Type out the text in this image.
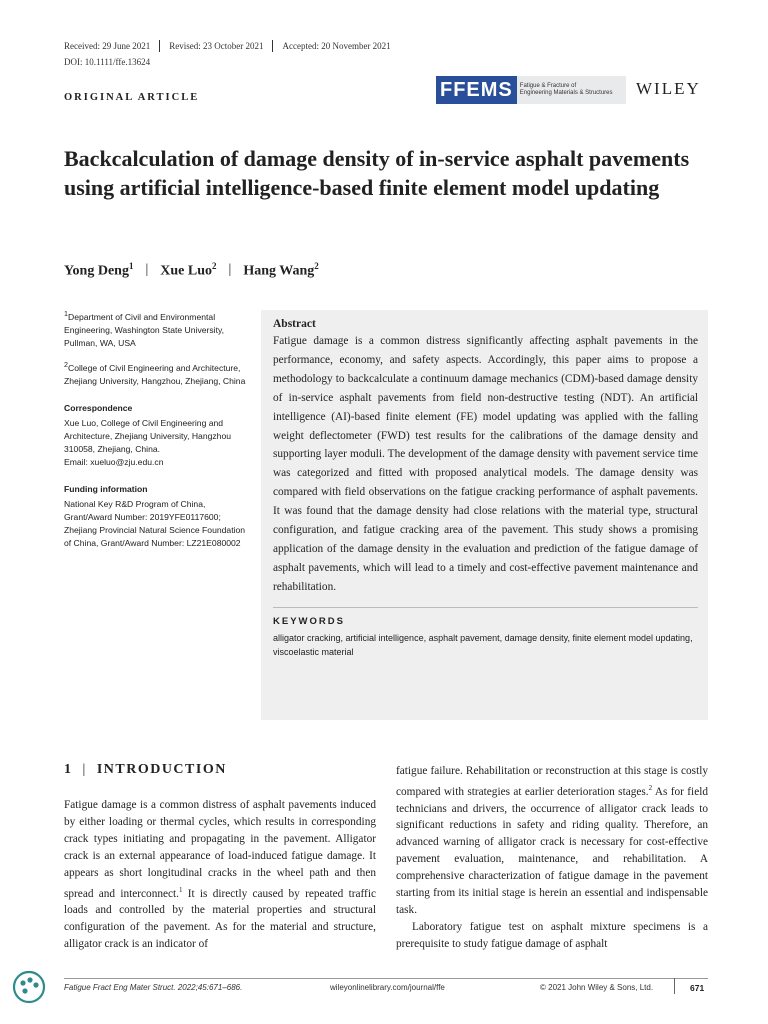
Received: 29 June 2021	Revised: 23 October 2021	Accepted: 20 November 2021
DOI: 10.1111/ffe.13624
ORIGINAL ARTICLE	FFEMS	Fatigue & Fracture of
Engineering Materials & Structures WILEY
Backcalculation of damage density of in-service asphalt pavements using artificial intelligence-based finite element model updating
Yong Deng$^1$ | Xue Luo$^2$ | Hang Wang$^2$

$^1$Department of Civil and Environmental Engineering, Washington State University, Pullman, WA, USA

$^2$College of Civil Engineering and Architecture, Zhejiang University, Hangzhou, Zhejiang, China

Correspondence

Xue Luo, College of Civil Engineering and Architecture, Zhejiang University, Hangzhou 310058, Zhejiang, China.

Email: xueluo@zju.edu.cn

Funding information

National Key R&D Program of China, Grant/Award Number: 2019YFE0117600; Zhejiang Provincial Natural Science Foundation of China, Grant/Award Number: LZ21E080002

Abstract

Fatigue damage is a common distress significantly affecting asphalt pavements in the performance, economy, and safety aspects. Accordingly, this paper aims to propose a methodology to backcalculate a continuum damage mechanics (CDM)-based damage density of in-service asphalt pavements from field non-destructive testing (NDT). An artificial intelligence (AI)-based finite element (FE) model updating was applied with the falling weight deflectometer (FWD) test results for the calibrations of the damage density and supporting layer moduli. The development of the damage density with pavement service time was categorized and fitted with proposed analytical models. The damage density was compared with field observations on the fatigue cracking performance of asphalt pavements. It was found that the damage density had close relations with the material type, structural configuration, and fatigue cracking area of the pavement. This study shows a promising application of the damage density in the evaluation and prediction of the fatigue damage of asphalt pavements, which will lead to a timely and cost-effective pavement maintenance and rehabilitation.

KEYWORDS
alligator cracking, artificial intelligence, asphalt pavement, damage density, finite element model updating, viscoelastic material
1 | INTRODUCTION

Fatigue damage is a common distress of asphalt pavements induced by either loading or thermal cycles, which results in corresponding crack types initiating and propagating in the pavement. Alligator crack is an external appearance of load-induced fatigue damage. It appears as short longitudinal cracks in the wheel path and then spread and interconnect.$^1$ It is directly caused by repeated traffic loads and controlled by the material properties and structural configuration of the pavement. As for the material and structure, alligator crack is an indicator of

fatigue failure. Rehabilitation or reconstruction at this stage is costly compared with strategies at earlier deterioration stages.$^2$ As for field technicians and drivers, the occurrence of alligator crack leads to significant reductions in safety and riding quality. Therefore, an advanced warning of alligator crack is necessary for cost-effective pavement evaluation, maintenance, and rehabilitation. A comprehensive characterization of fatigue damage in the pavement starting from its initial stage is herein an essential and indispensable task.

Laboratory fatigue test on asphalt mixture specimens is a prerequisite to study fatigue damage of asphalt

Fatigue Fract Eng Mater Struct. 2022;45:671–686.	wileyonlinelibrary.com/journal/ffe	© 2021 John Wiley & Sons, Ltd.	671
